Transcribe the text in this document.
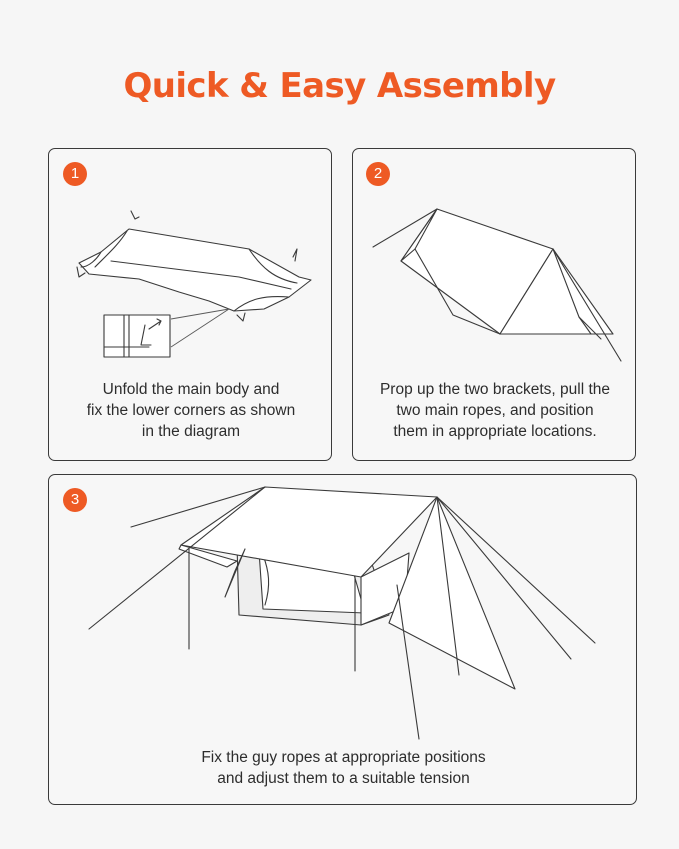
Quick & Easy Assembly
1
Unfold the main body and
fix the lower corners as shown
in the diagram
2
Prop up the two brackets, pull the
two main ropes, and position
them in appropriate locations.
3
Fix the guy ropes at appropriate positions
and adjust them to a suitable tension
